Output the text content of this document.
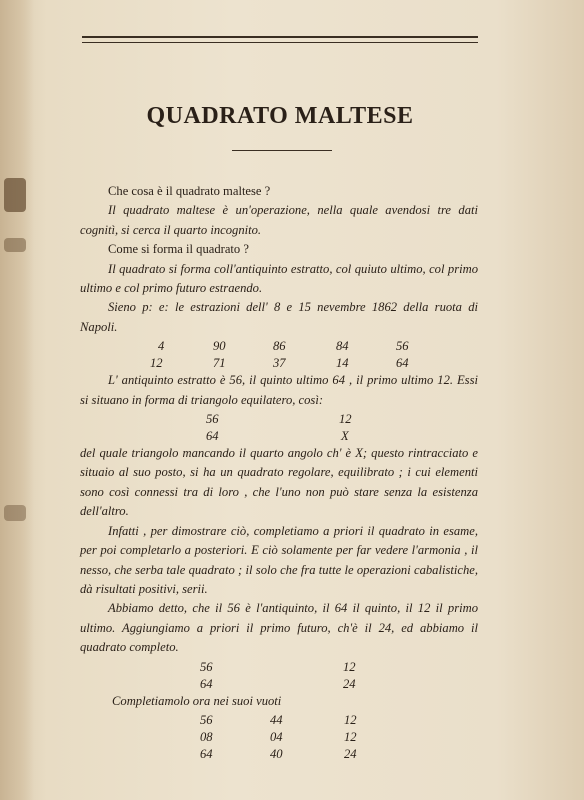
QUADRATO MALTESE

Che cosa è il quadrato maltese ?

Il quadrato maltese è un'operazione, nella quale avendosi tre dati cognitì, si cerca il quarto incognito.

Come si forma il quadrato ?

Il quadrato si forma coll'antiquinto estratto, col quiuto ultimo, col primo ultimo e col primo futuro estraendo.

Sieno p: e: le estrazioni dell' 8 e 15 nevembre 1862 della ruota di Napoli.

4	90	86	84	56
12	71	37	14	64

L' antiquinto estratto è 56, il quinto ultimo 64 , il primo ultimo 12. Essi si situano in forma di triangolo equilatero, così:

56	12
64	X

del quale triangolo mancando il quarto angolo ch' è X; questo rintracciato e situaio al suo posto, si ha un quadrato regolare, equilibrato ; i cui elementi sono così connessi tra di loro , che l'uno non può stare senza la esistenza dell'altro.

Infatti , per dimostrare ciò, completiamo a priori il quadrato in esame, per poi completarlo a posteriori. E ciò solamente per far vedere l'armonia , il nesso, che serba tale quadrato ; il solo che fra tutte le operazioni cabalistiche, dà risultati positivi, serii.

Abbiamo detto, che il 56 è l'antiquinto, il 64 il quinto, il 12 il primo ultimo. Aggiungiamo a priori il primo futuro, ch'è il 24, ed abbiamo il quadrato completo.

56	12
64	24

Completiamolo ora nei suoi vuoti

56	44	12
08	04	12
64	40	24
